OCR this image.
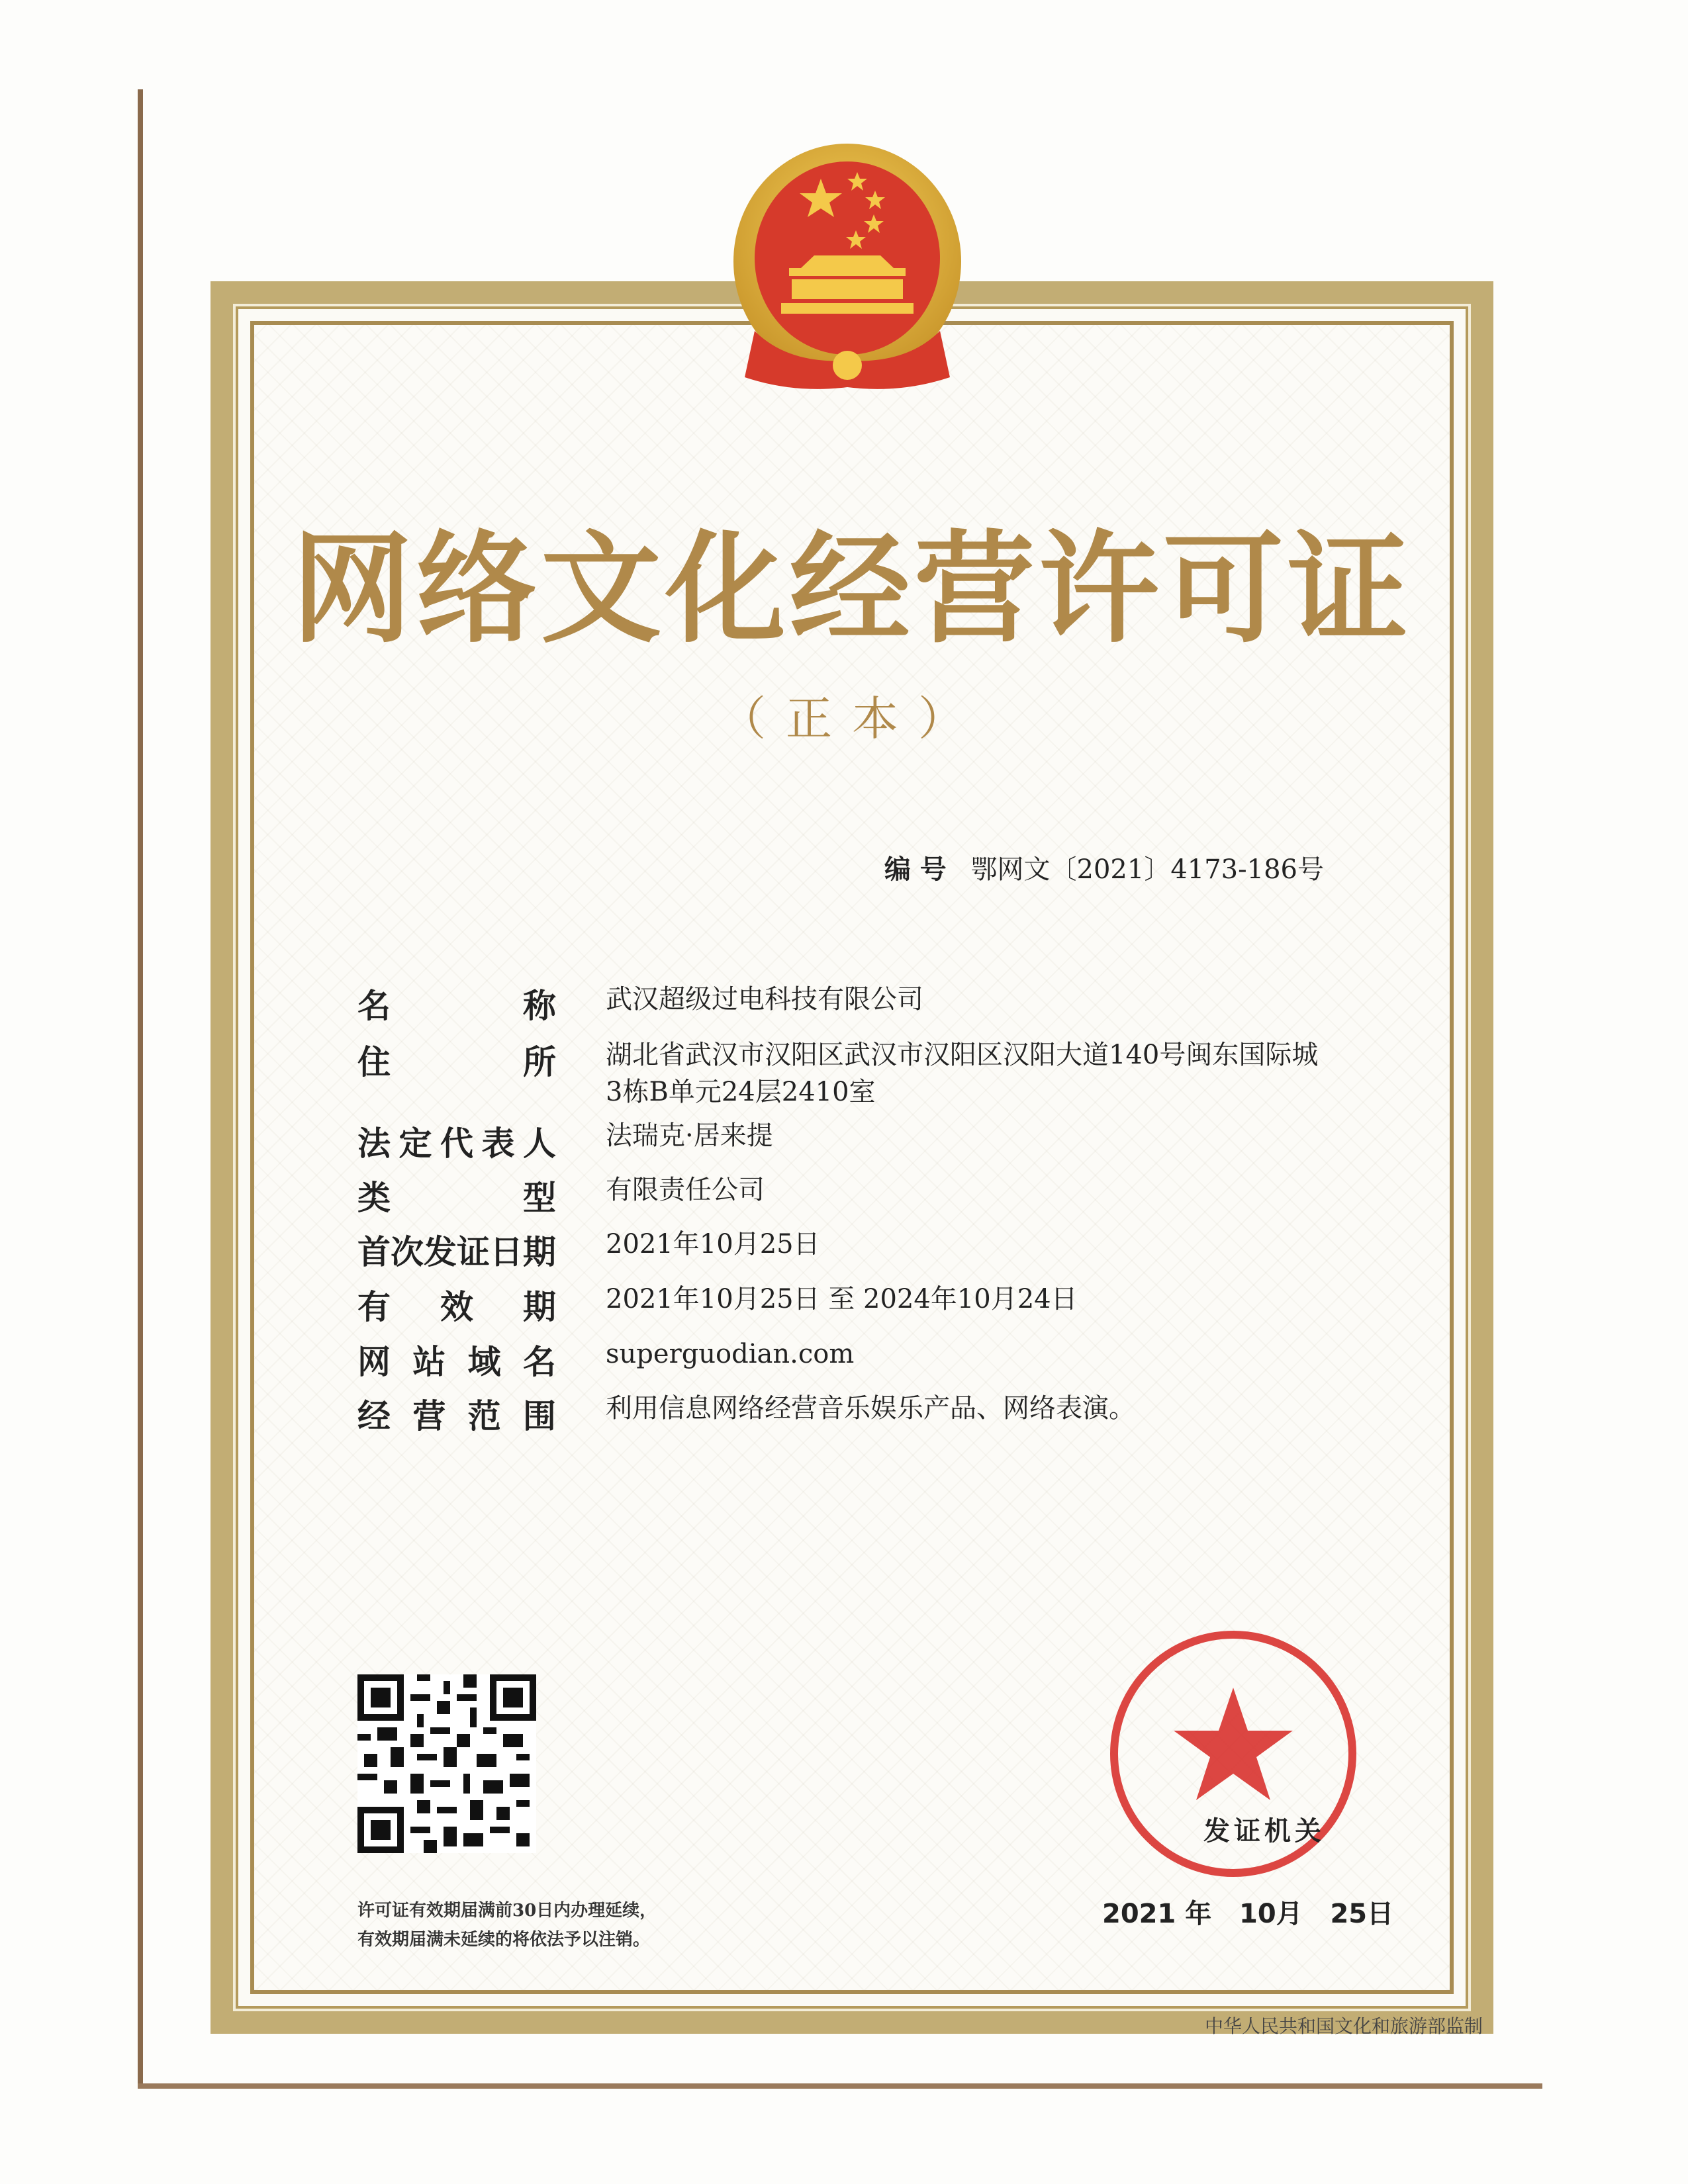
网络文化经营许可证
（正本）
编号 鄂网文〔2021〕4173-186号
名	称 武汉超级过电科技有限公司
住	所 湖北省武汉市汉阳区武汉市汉阳区汉阳大道140号闽东国际城3栋B单元24层2410室
法 定 代 表 人 法瑞克·居来提
类	型 有限责任公司
首 次 发 证 日 期 2021年10月25日
有 效 期 2021年10月25日 至 2024年10月24日
网 站 域 名 superguodian.com
经 营 范 围 利用信息网络经营音乐娱乐产品、网络表演。
许可证有效期届满前30日内办理延续，
有效期届满未延续的将依法予以注销。
发证机关
2021 年   10月   25日
中华人民共和国文化和旅游部监制
